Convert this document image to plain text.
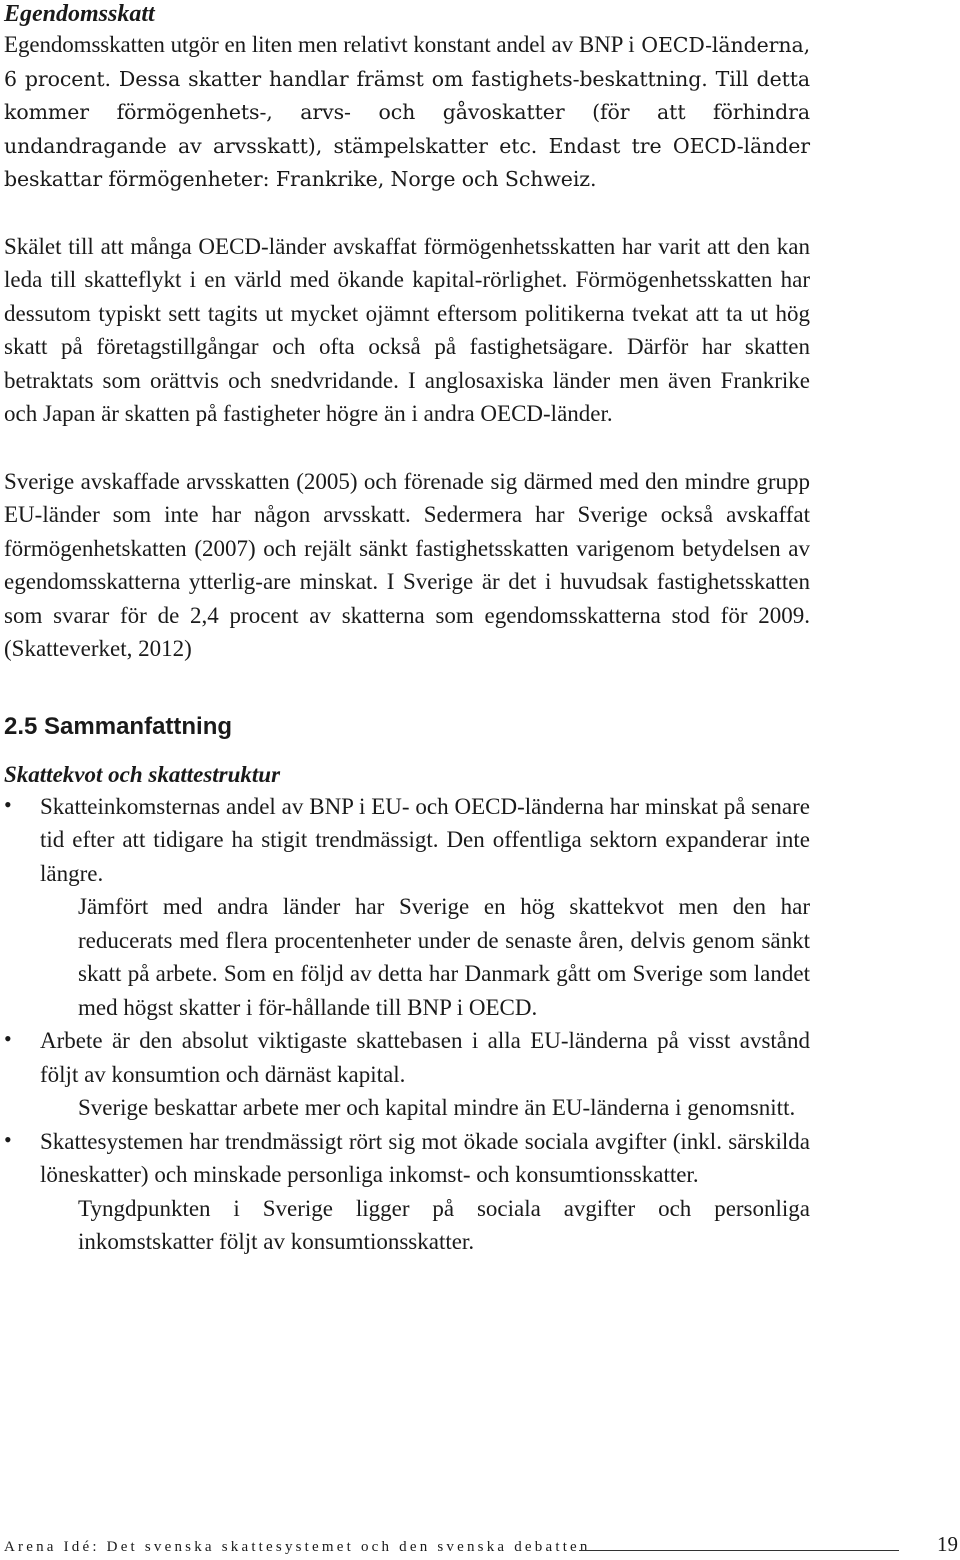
Egendomsskatt

Egendomsskatten utgör en liten men relativt konstant andel av BNP i OECD-länderna, 6 procent. Dessa skatter handlar främst om fastighets-beskattning. Till detta kommer förmögenhets-, arvs- och gåvoskatter (för att förhindra undandragande av arvsskatt), stämpelskatter etc. Endast tre OECD-länder beskattar förmögenheter: Frankrike, Norge och Schweiz.

Skälet till att många OECD-länder avskaffat förmögenhetsskatten har varit att den kan leda till skatteflykt i en värld med ökande kapital-rörlighet. Förmögenhetsskatten har dessutom typiskt sett tagits ut mycket ojämnt eftersom politikerna tvekat att ta ut hög skatt på företagstillgångar och ofta också på fastighetsägare. Därför har skatten betraktats som orättvis och snedvridande. I anglosaxiska länder men även Frankrike och Japan är skatten på fastigheter högre än i andra OECD-länder.

Sverige avskaffade arvsskatten (2005) och förenade sig därmed med den mindre grupp EU-länder som inte har någon arvsskatt. Sedermera har Sverige också avskaffat förmögenhetskatten (2007) och rejält sänkt fastighetsskatten varigenom betydelsen av egendomsskatterna ytterlig-are minskat. I Sverige är det i huvudsak fastighetsskatten som svarar för de 2,4 procent av skatterna som egendomsskatterna stod för 2009. (Skatteverket, 2012)

2.5 Sammanfattning
Skattekvot och skattestruktur
• Skatteinkomsternas andel av BNP i EU- och OECD-länderna har minskat på senare tid efter att tidigare ha stigit trendmässigt. Den offentliga sektorn expanderar inte längre.

Jämfört med andra länder har Sverige en hög skattekvot men den har reducerats med flera procentenheter under de senaste åren, delvis genom sänkt skatt på arbete. Som en följd av detta har Danmark gått om Sverige som landet med högst skatter i för-hållande till BNP i OECD.

• Arbete är den absolut viktigaste skattebasen i alla EU-länderna på visst avstånd följt av konsumtion och därnäst kapital.

Sverige beskattar arbete mer och kapital mindre än EU-länderna i genomsnitt.

• Skattesystemen har trendmässigt rört sig mot ökade sociala avgifter (inkl. särskilda löneskatter) och minskade personliga inkomst- och konsumtionsskatter.

Tyngdpunkten i Sverige ligger på sociala avgifter och personliga inkomstskatter följt av konsumtionsskatter.

Arena Idé: Det svenska skattesystemet och den svenska debatten	19
